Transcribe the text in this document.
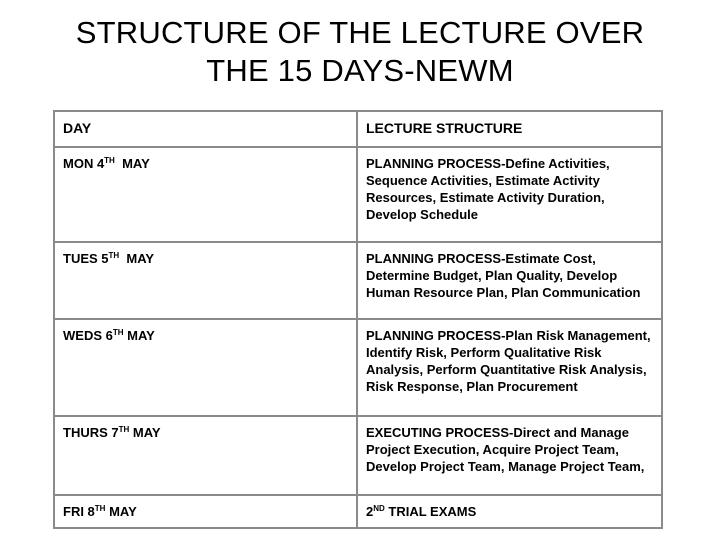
STRUCTURE OF THE LECTURE OVER
THE 15 DAYS-NEWM
DAY	LECTURE STRUCTURE
MON 4TH  MAY	PLANNING PROCESS-Define Activities, Sequence Activities, Estimate Activity Resources, Estimate Activity Duration, Develop Schedule
TUES 5TH  MAY	PLANNING PROCESS-Estimate Cost, Determine Budget, Plan Quality, Develop Human Resource Plan, Plan Communication
WEDS 6TH MAY	PLANNING PROCESS-Plan Risk Management, Identify Risk, Perform Qualitative Risk Analysis, Perform Quantitative Risk Analysis, Risk Response, Plan Procurement
THURS 7TH MAY	EXECUTING PROCESS-Direct and Manage Project Execution, Acquire Project Team, Develop Project Team, Manage Project Team,
FRI 8TH MAY	2ND TRIAL EXAMS
